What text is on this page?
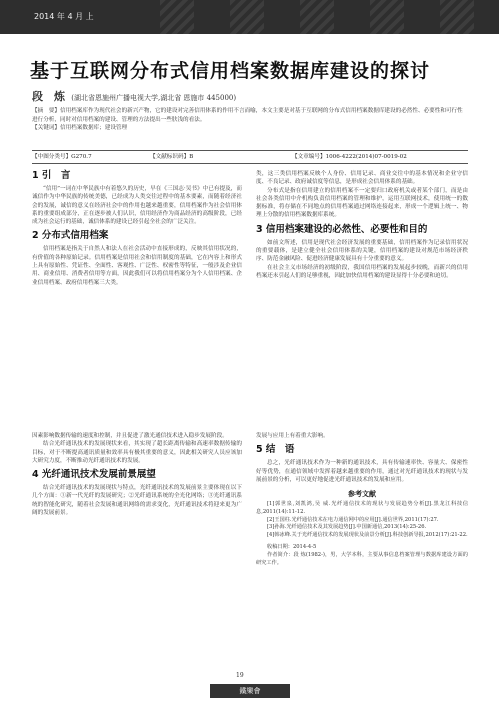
2014 年 4 月 上
基于互联网分布式信用档案数据库建设的探讨
段　炼 (湖北省恩施州广播电视大学,湖北省 恩施市 445000)

【摘　要】信用档案库作为现代社会的新兴产物，它的建设对完善信用体系的作用不言而喻，本文主要是对基于互联网的分布式信用档案数据库建设的必然性、必要性和可行性进行分析，同时对信用档案的建设、管理的方法提出一些肤浅的看法。

【关键词】信用档案数据库；建设管理

【中图分类号】G270.7	【文献标识码】B	【文章编号】1006-4222(2014)07-0019-02
1 引　言

“信用”一词在中华民族中有着悠久的历史，早在《三国志·吴书》中已有提及，而诚信作为中华民族的传统美德，已经成为人类交往过程中的基本要素，而随着经济社会的发展，诚信的意义在经济社会中的作用也越来越重要，信用档案作为社会信用体系的重要组成部分，正在逐步被人们认识，信用经济作为商品经济的高级阶段，已经成为社会运行的基础，诚信体系的建设已经引起全社会的广泛关注。

2 分布式信用档案

信用档案是指关于自然人和法人在社会活动中直接形成的，反映其信用状况的，有价值的各种原始记录。信用档案是信用社会和信用制度的基础，它在内容上和形式上具有原始性、凭证性、全面性、客观性、广泛性、权密性等特征，一般涉及企业信用、商业信用、消费者信用等方面，因此我们可以将信用档案分为个人信用档案、企业信用档案、政府信用档案三大类。

类，这三类信用档案反映个人身份、信用记录、商业交往中的基本情况和企业守信度、不良记录、政府诚信度等信息，是形成社会信用体系的基础。

分布式是指在信用建立的信用档案不一定要归口政府机关或者某个部门，而是由社会各类信用中介机构负责信用档案的管理和维护，运用互联网技术，使用统一的数据标准，将存储在不同地点的信用档案通过网络连接起来，形成一个逻辑上统一、物理上分散的信用档案数据库系统。

3 信用档案建设的必然性、必要性和目的

如前文所述，信用是现代社会经济发展的重要基础，信用档案作为记录信用状况的重要载体，是建立健全社会信用体系的关键，信用档案的建设对规范市场经济秩序、防范金融风险、促进经济健康发展具有十分重要的意义。

在社会主义市场经济的初级阶段，我国信用档案的发展起步较晚，而新兴的信用档案还未引起人们的足够重视，因此加快信用档案的建设显得十分必要和迫切。

因素影响数据传输的速度和控制，并且促进了激光通信技术进入稳步发展阶段。

结合光纤通讯技术的发展现状来看，其实现了超长距离传输和高速率数据传输的目标，对于不断提高通讯质量和效率具有极其重要的意义，因此相关研究人员应该加大研究力度，不断推动光纤通讯技术的发展。

4 光纤通讯技术发展前景展望

结合光纤通讯技术的发展现状与特点，光纤通讯技术的发展前景主要体现在以下几个方面：①新一代光纤的发展研究；②光纤通讯系统的全光化网络；③光纤通讯系统的智能化研究，随着社会发展和通讯网络的需求变化，光纤通讯技术将迎来更为广阔的发展前景。

发展与应用上有着重大影响。

5 结　语

总之，光纤通讯技术作为一种新的通讯技术，具有传输速率快、容量大、保密性好等优势，在通信领域中发挥着越来越重要的作用，通过对光纤通讯技术的现状与发展前景的分析，可以更好地促进光纤通讯技术的发展和应用。

参考文献

[1]郭世泉,刘凯鸿,吴 威.光纤通信技术的现状与发展趋势分析[J].黑龙江科技信息,2011(14):11-12.

[2]王国柱.光纤通信技术在电力通信网中的应用[J].通信世界,2011(17):27.

[3]孙海.光纤通信技术及其发展趋势[J].中国新通信,2013(14):25-26.

[4]韩冰峰.关于光纤通信技术的发展现状及前景分析[J].科技创新导报,2012(17):21-22.

收稿日期：2014-4-5

作者简介：段 炼(1982-)，男，大学本科，主要从事信息档案管理与数据库建设方面的研究工作。

19
鐵樂會
